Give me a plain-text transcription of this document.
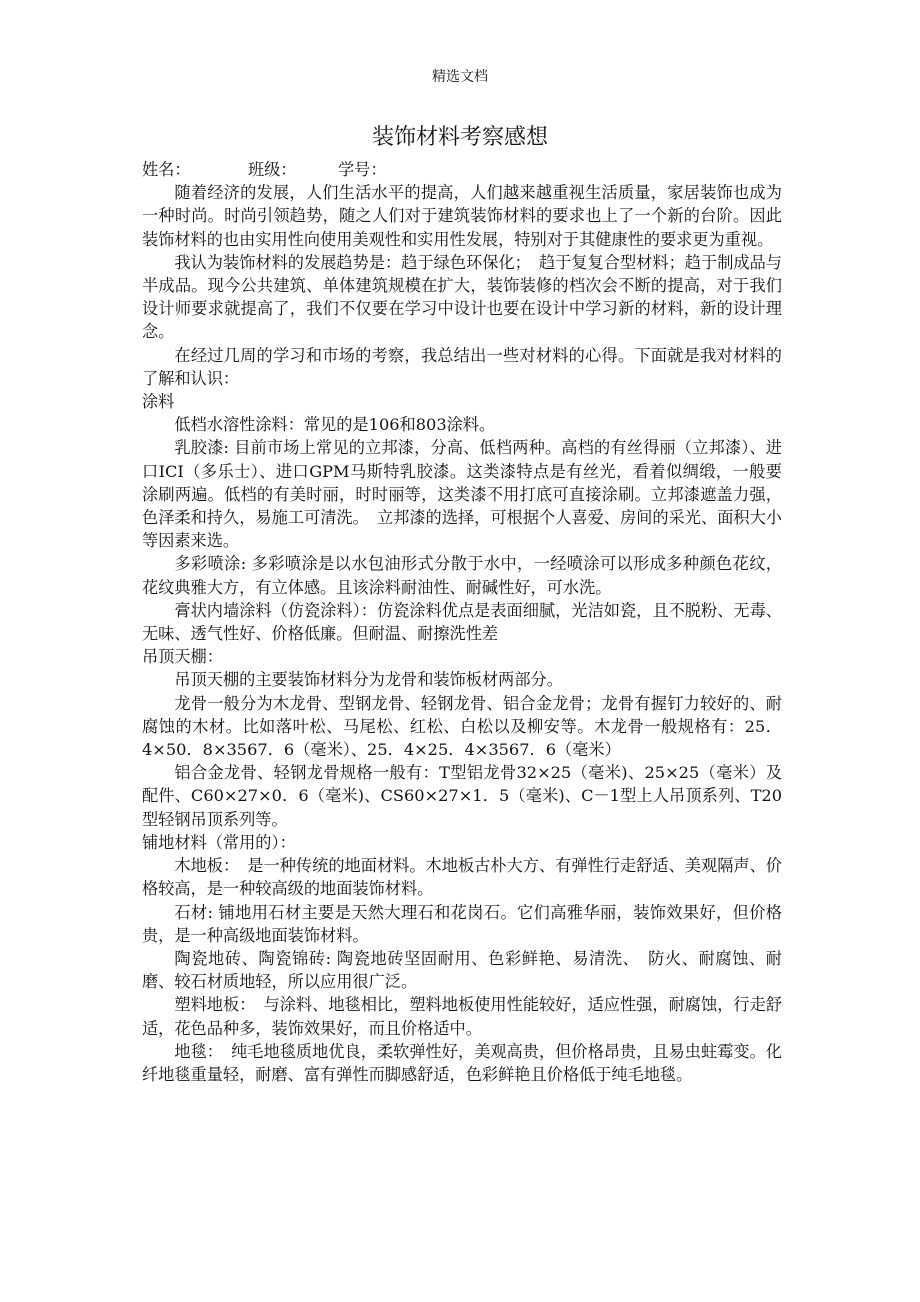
精选文档
装饰材料考察感想
姓名：	班级：	学号：

随着经济的发展，人们生活水平的提高，人们越来越重视生活质量，家居装饰也成为一种时尚。时尚引领趋势，随之人们对于建筑装饰材料的要求也上了一个新的台阶。因此装饰材料的也由实用性向使用美观性和实用性发展，特别对于其健康性的要求更为重视。

我认为装饰材料的发展趋势是：趋于绿色环保化；　趋于复复合型材料；趋于制成品与半成品。现今公共建筑、单体建筑规模在扩大，装饰装修的档次会不断的提高，对于我们设计师要求就提高了，我们不仅要在学习中设计也要在设计中学习新的材料，新的设计理念。

在经过几周的学习和市场的考察，我总结出一些对材料的心得。下面就是我对材料的了解和认识：

涂料

低档水溶性涂料：常见的是106和803涂料。

乳胶漆: 目前市场上常见的立邦漆，分高、低档两种。高档的有丝得丽（立邦漆）、进口ICI（多乐士）、进口GPM马斯特乳胶漆。这类漆特点是有丝光，看着似绸缎，一般要涂刷两遍。低档的有美时丽，时时丽等，这类漆不用打底可直接涂刷。立邦漆遮盖力强，色泽柔和持久，易施工可清洗。　立邦漆的选择，可根据个人喜爱、房间的采光、面积大小等因素来选。

多彩喷涂: 多彩喷涂是以水包油形式分散于水中，一经喷涂可以形成多种颜色花纹，花纹典雅大方，有立体感。且该涂料耐油性、耐碱性好，可水洗。

膏状内墙涂料（仿瓷涂料）：仿瓷涂料优点是表面细腻，光洁如瓷，且不脱粉、无毒、无味、透气性好、价格低廉。但耐温、耐擦洗性差

吊顶天棚：

吊顶天棚的主要装饰材料分为龙骨和装饰板材两部分。

龙骨一般分为木龙骨、型钢龙骨、轻钢龙骨、铝合金龙骨；龙骨有握钉力较好的、耐腐蚀的木材。比如落叶松、马尾松、红松、白松以及柳安等。木龙骨一般规格有：25．4×50．8×3567．6（毫米）、25．4×25．4×3567．6（毫米）

铝合金龙骨、轻钢龙骨规格一般有：T型铝龙骨32×25（毫米)、25×25（毫米）及配件、C60×27×0．6（毫米)、CS60×27×1．5（毫米)、C－1型上人吊顶系列、T20型轻钢吊顶系列等。

铺地材料（常用的）：

木地板：　是一种传统的地面材料。木地板古朴大方、有弹性行走舒适、美观隔声、价格较高，是一种较高级的地面装饰材料。

石材: 铺地用石材主要是天然大理石和花岗石。它们高雅华丽，装饰效果好，但价格贵，是一种高级地面装饰材料。

陶瓷地砖、陶瓷锦砖: 陶瓷地砖坚固耐用、色彩鲜艳、易清洗、　防火、耐腐蚀、耐磨、较石材质地轻，所以应用很广泛。

塑料地板：　与涂料、地毯相比，塑料地板使用性能较好，适应性强，耐腐蚀，行走舒适，花色品种多，装饰效果好，而且价格适中。

地毯：　纯毛地毯质地优良，柔软弹性好，美观高贵，但价格昂贵，且易虫蛀霉变。化纤地毯重量轻，耐磨、富有弹性而脚感舒适，色彩鲜艳且价格低于纯毛地毯。
